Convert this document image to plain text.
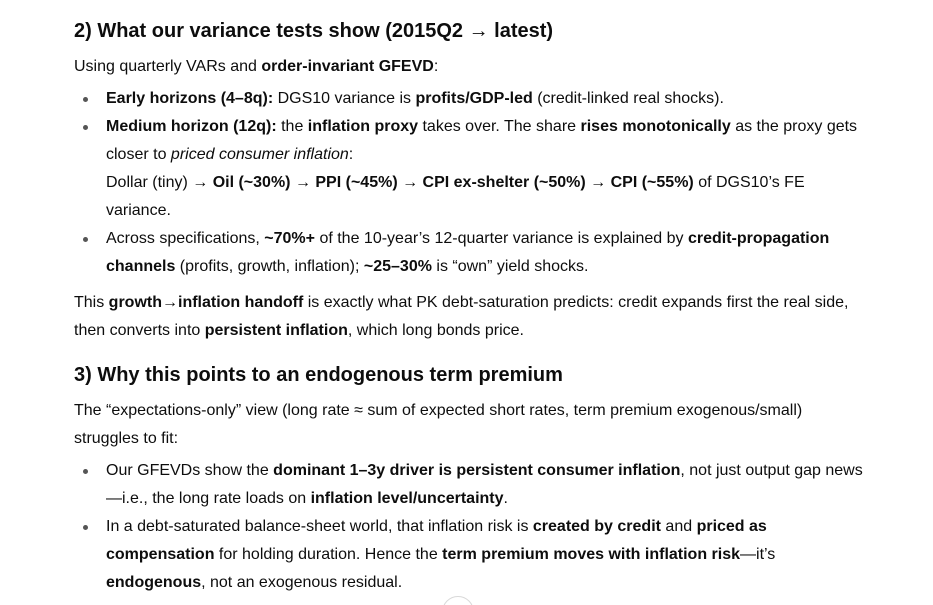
2) What our variance tests show (2015Q2 → latest)

Using quarterly VARs and order-invariant GFEVD:

Early horizons (4–8q): DGS10 variance is profits/GDP-led (credit-linked real shocks).
Medium horizon (12q): the inflation proxy takes over. The share rises monotonically as the proxy gets closer to priced consumer inflation:
Dollar (tiny) → Oil (~30%) → PPI (~45%) → CPI ex-shelter (~50%) → CPI (~55%) of DGS10’s FE variance.
Across specifications, ~70%+ of the 10-year’s 12-quarter variance is explained by credit-propagation channels (profits, growth, inflation); ~25–30% is “own” yield shocks.

This growth→inflation handoff is exactly what PK debt-saturation predicts: credit expands first the real side, then converts into persistent inflation, which long bonds price.

3) Why this points to an endogenous term premium

The “expectations-only” view (long rate ≈ sum of expected short rates, term premium exogenous/small) struggles to fit:

Our GFEVDs show the dominant 1–3y driver is persistent consumer inflation, not just output gap news—i.e., the long rate loads on inflation level/uncertainty.
In a debt-saturated balance-sheet world, that inflation risk is created by credit and priced as compensation for holding duration. Hence the term premium moves with inflation risk—it’s endogenous, not an exogenous residual.
